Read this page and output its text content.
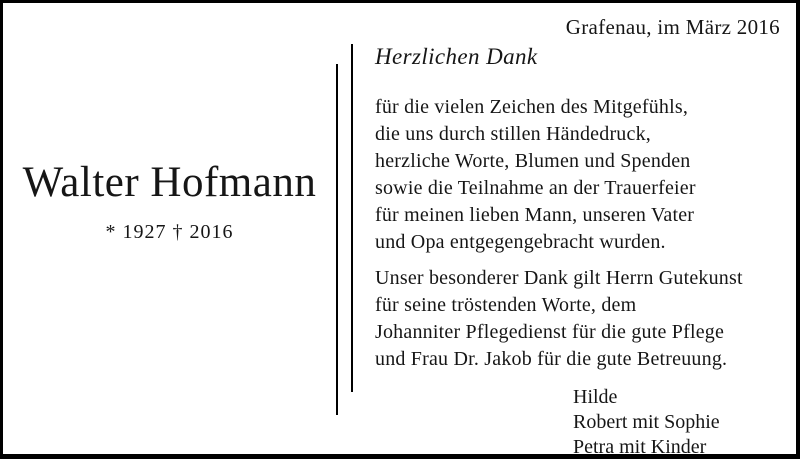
Grafenau, im März 2016
Walter Hofmann
* 1927 † 2016
Herzlichen Dank
für die vielen Zeichen des Mitgefühls,
die uns durch stillen Händedruck,
herzliche Worte, Blumen und Spenden
sowie die Teilnahme an der Trauerfeier
für meinen lieben Mann, unseren Vater
und Opa entgegengebracht wurden.
Unser besonderer Dank gilt Herrn Gutekunst
für seine tröstenden Worte, dem
Johanniter Pflegedienst für die gute Pflege
und Frau Dr. Jakob für die gute Betreuung.
Hilde
Robert mit Sophie
Petra mit Kinder
